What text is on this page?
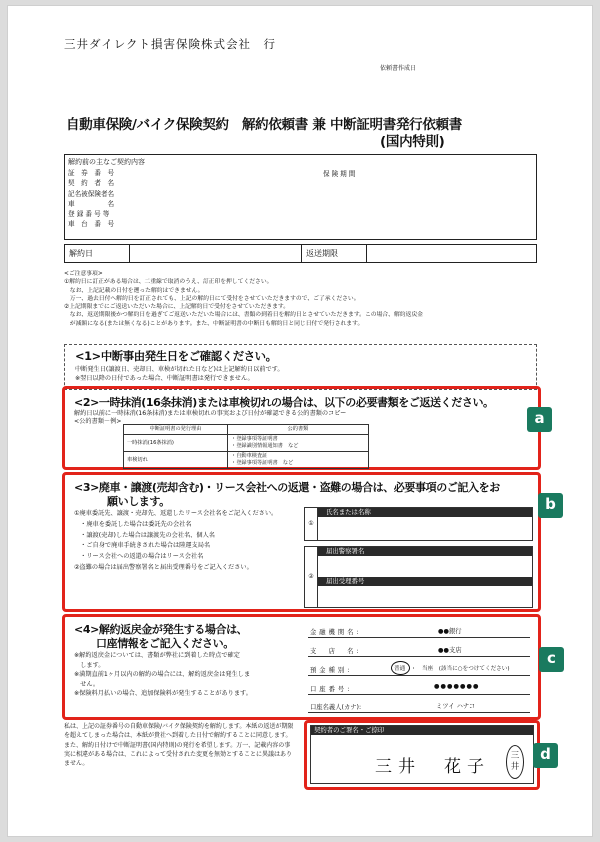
三井ダイレクト損害保険株式会社　行
依頼書作成日
自動車保険/バイク保険契約　解約依頼書 兼 中断証明書発行依頼書
(国内特則)
解約前の主なご契約内容
証　券　番　号
契　約　者　名
記名被保険者名
車　　　　　名
登 録 番 号 等
車　台　番　号
保険期間
解約日	返送期限
<ご注意事項>
①解約日に訂正がある場合は、二重線で取消のうえ、訂正印を押してください。
　なお、上記記載の日付を遡った解約はできません。
　万一、過去日付へ解約日を訂正されても、上記の解約日にて受付をさせていただきますので、ご了承ください。
②上記期限までにご返送いただいた場合に、上記解約日で受付をさせていただきます。
　なお、返送期限後かつ解約日を過ぎてご返送いただいた場合には、書類の到着日を解約日とさせていただきます。この場合、解約返戻金
　が減額になる(または無くなる)ことがあります。また、中断証明書の中断日も解約日と同じ日付で発行されます。
<1>中断事由発生日をご確認ください。
中断発生日(譲渡日、売却日、車検が切れた日など)は上記解約日以前です。
※翌日以降の日付であった場合、中断証明書は発行できません。
<2>一時抹消(16条抹消)または車検切れの場合は、以下の必要書類をご返送ください。
解約日以前に一時抹消(16条抹消)または車検切れの事実および日付が確認できる公的書類のコピー
<公的書類－例>
中断証明書の発行理由	公的書類
一時抹消(16条抹消)	・登録事項等証明書
・登録識別情報通知書　など

車検切れ	・自動車検査証
・登録事項等証明書　など
a
<3>廃車・譲渡(売却含む)・リース会社への返還・盗難の場合は、必要事項のご記入をお
願いします。
①廃車委託先、譲渡・売却先、返還したリース会社名をご記入ください。
　・廃車を委託した場合は委託先の会社名
　・譲渡(売却)した場合は譲渡先の会社名、個人名
　・ご自身で廃車手続きされた場合は陸運支局名
　・リース会社への返還の場合はリース会社名
②盗難の場合は届出警察署名と届出受理番号をご記入ください。
①
氏名または名称
②
届出警察署名
届出受理番号
b
<4>解約返戻金が発生する場合は、
口座情報をご記入ください。
※解約返戻金については、書類が弊社に到着した時点で確定
　します。
※満期直前1ヶ月以内の解約の場合には、解約返戻金は発生しま
　せん。
※保険料月払いの場合、追加保険料が発生することがあります。
金融機関名:	●●銀行
支　店　名:	●●支店
預金種別:	普通　・　当座　(該当に○をつけてください)
口座番号:	●●●●●●●
口座名義人(カナ):	ミツイ ハナコ
c
私は、上記の証券番号の自動車保険/バイク保険契約を解約します。本紙の返送が期限を超えてしまった場合は、本紙が貴社へ到着した日付で解約することに同意します。また、解約日付けで中断証明書(国内特則)の発行を希望します。万一、記載内容の事実に相違がある場合は、これによって受付された変更を無効とすることに異議はありません。
契約者のご署名・ご捺印
三井　花子
三
井
d
